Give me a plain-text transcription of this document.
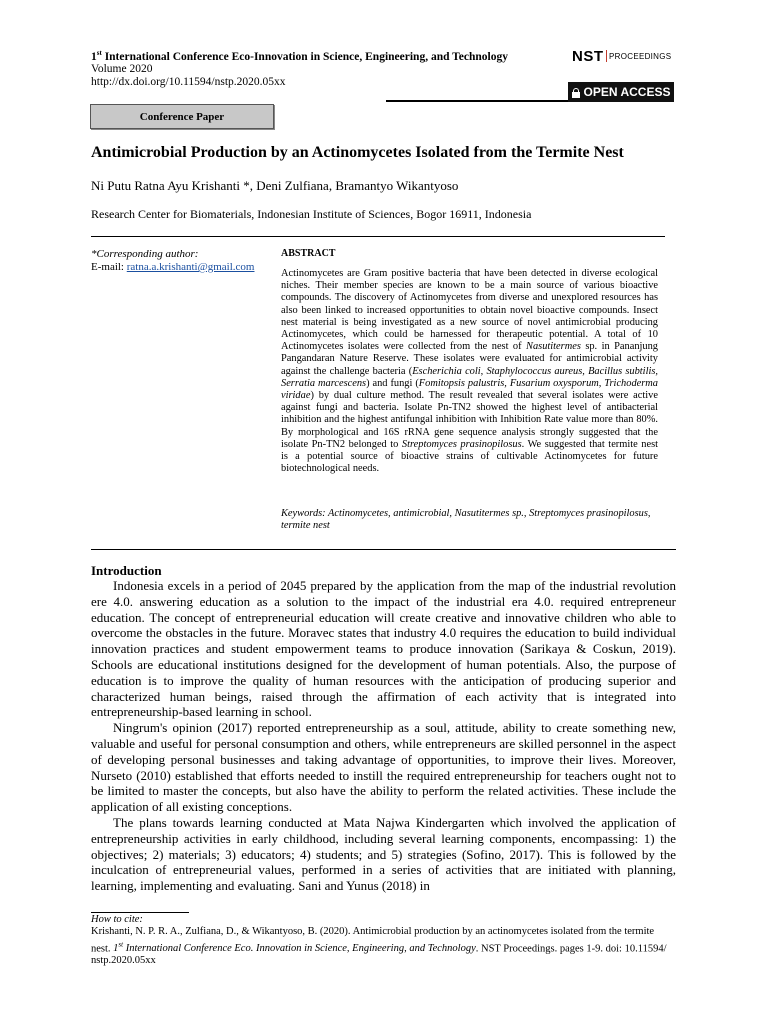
1st International Conference Eco-Innovation in Science, Engineering, and Technology
Volume 2020
http://dx.doi.org/10.11594/nstp.2020.05xx
NST PROCEEDINGS
OPEN ACCESS
Conference Paper
Antimicrobial Production by an Actinomycetes Isolated from the Termite Nest
Ni Putu Ratna Ayu Krishanti *, Deni Zulfiana, Bramantyo Wikantyoso
Research Center for Biomaterials, Indonesian Institute of Sciences, Bogor 16911, Indonesia
*Corresponding author:
E-mail: ratna.a.krishanti@gmail.com
ABSTRACT
Actinomycetes are Gram positive bacteria that have been detected in diverse ecological niches. Their member species are known to be a main source of various bioactive compounds. The discovery of Actinomycetes from diverse and unexplored resources has also been linked to increased opportunities to obtain novel bioactive compounds. Insect nest material is being investigated as a new source of novel antimicrobial producing Actinomycetes, which could be harnessed for therapeutic potential. A total of 10 Actinomycetes isolates were collected from the nest of Nasutitermes sp. in Pananjung Pangandaran Nature Reserve. These isolates were evaluated for antimicrobial activity against the challenge bacteria (Escherichia coli, Staphylococcus aureus, Bacillus subtilis, Serratia marcescens) and fungi (Fomitopsis palustris, Fusarium oxysporum, Trichoderma viridae) by dual culture method. The result revealed that several isolates were active against fungi and bacteria. Isolate Pn-TN2 showed the highest level of antibacterial inhibition and the highest antifungal inhibition with Inhibition Rate value more than 80%. By morphological and 16S rRNA gene sequence analysis strongly suggested that the isolate Pn-TN2 belonged to Streptomyces prasinopilosus. We suggested that termite nest is a potential source of bioactive strains of cultivable Actinomycetes for future biotechnological needs.
Keywords: Actinomycetes, antimicrobial, Nasutitermes sp., Streptomyces prasinopilosus, termite nest
Introduction

Indonesia excels in a period of 2045 prepared by the application from the map of the industrial revolution ere 4.0. answering education as a solution to the impact of the industrial era 4.0. required entrepreneur education. The concept of entrepreneurial education will create creative and innovative children who able to overcome the obstacles in the future. Moravec states that industry 4.0 requires the education to build individual innovation practices and student empowerment teams to produce innovation (Sarikaya & Coskun, 2019). Schools are educational institutions designed for the development of human potentials. Also, the purpose of education is to improve the quality of human resources with the anticipation of producing superior and characterized human beings, raised through the affirmation of each activity that is integrated into entrepreneurship-based learning in school.

Ningrum's opinion (2017) reported entrepreneurship as a soul, attitude, ability to create something new, valuable and useful for personal consumption and others, while entrepreneurs are skilled personnel in the aspect of developing personal businesses and taking advantage of opportunities, to improve their lives. Moreover, Nurseto (2010) established that efforts needed to instill the required entrepreneurship for teachers ought not to be limited to master the concepts, but also have the ability to perform the related activities. These include the application of all existing conceptions.

The plans towards learning conducted at Mata Najwa Kindergarten which involved the application of entrepreneurship activities in early childhood, including several learning components, encompassing: 1) the objectives; 2) materials; 3) educators; 4) students; and 5) strategies (Sofino, 2017). This is followed by the inculcation of entrepreneurial values, performed in a series of activities that are initiated with planning, learning, implementing and evaluating. Sani and Yunus (2018) in

How to cite:
Krishanti, N. P. R. A., Zulfiana, D., & Wikantyoso, B. (2020). Antimicrobial production by an actinomycetes isolated from the termite nest. 1st International Conference Eco. Innovation in Science, Engineering, and Technology. NST Proceedings. pages 1-9. doi: 10.11594/ nstp.2020.05xx
